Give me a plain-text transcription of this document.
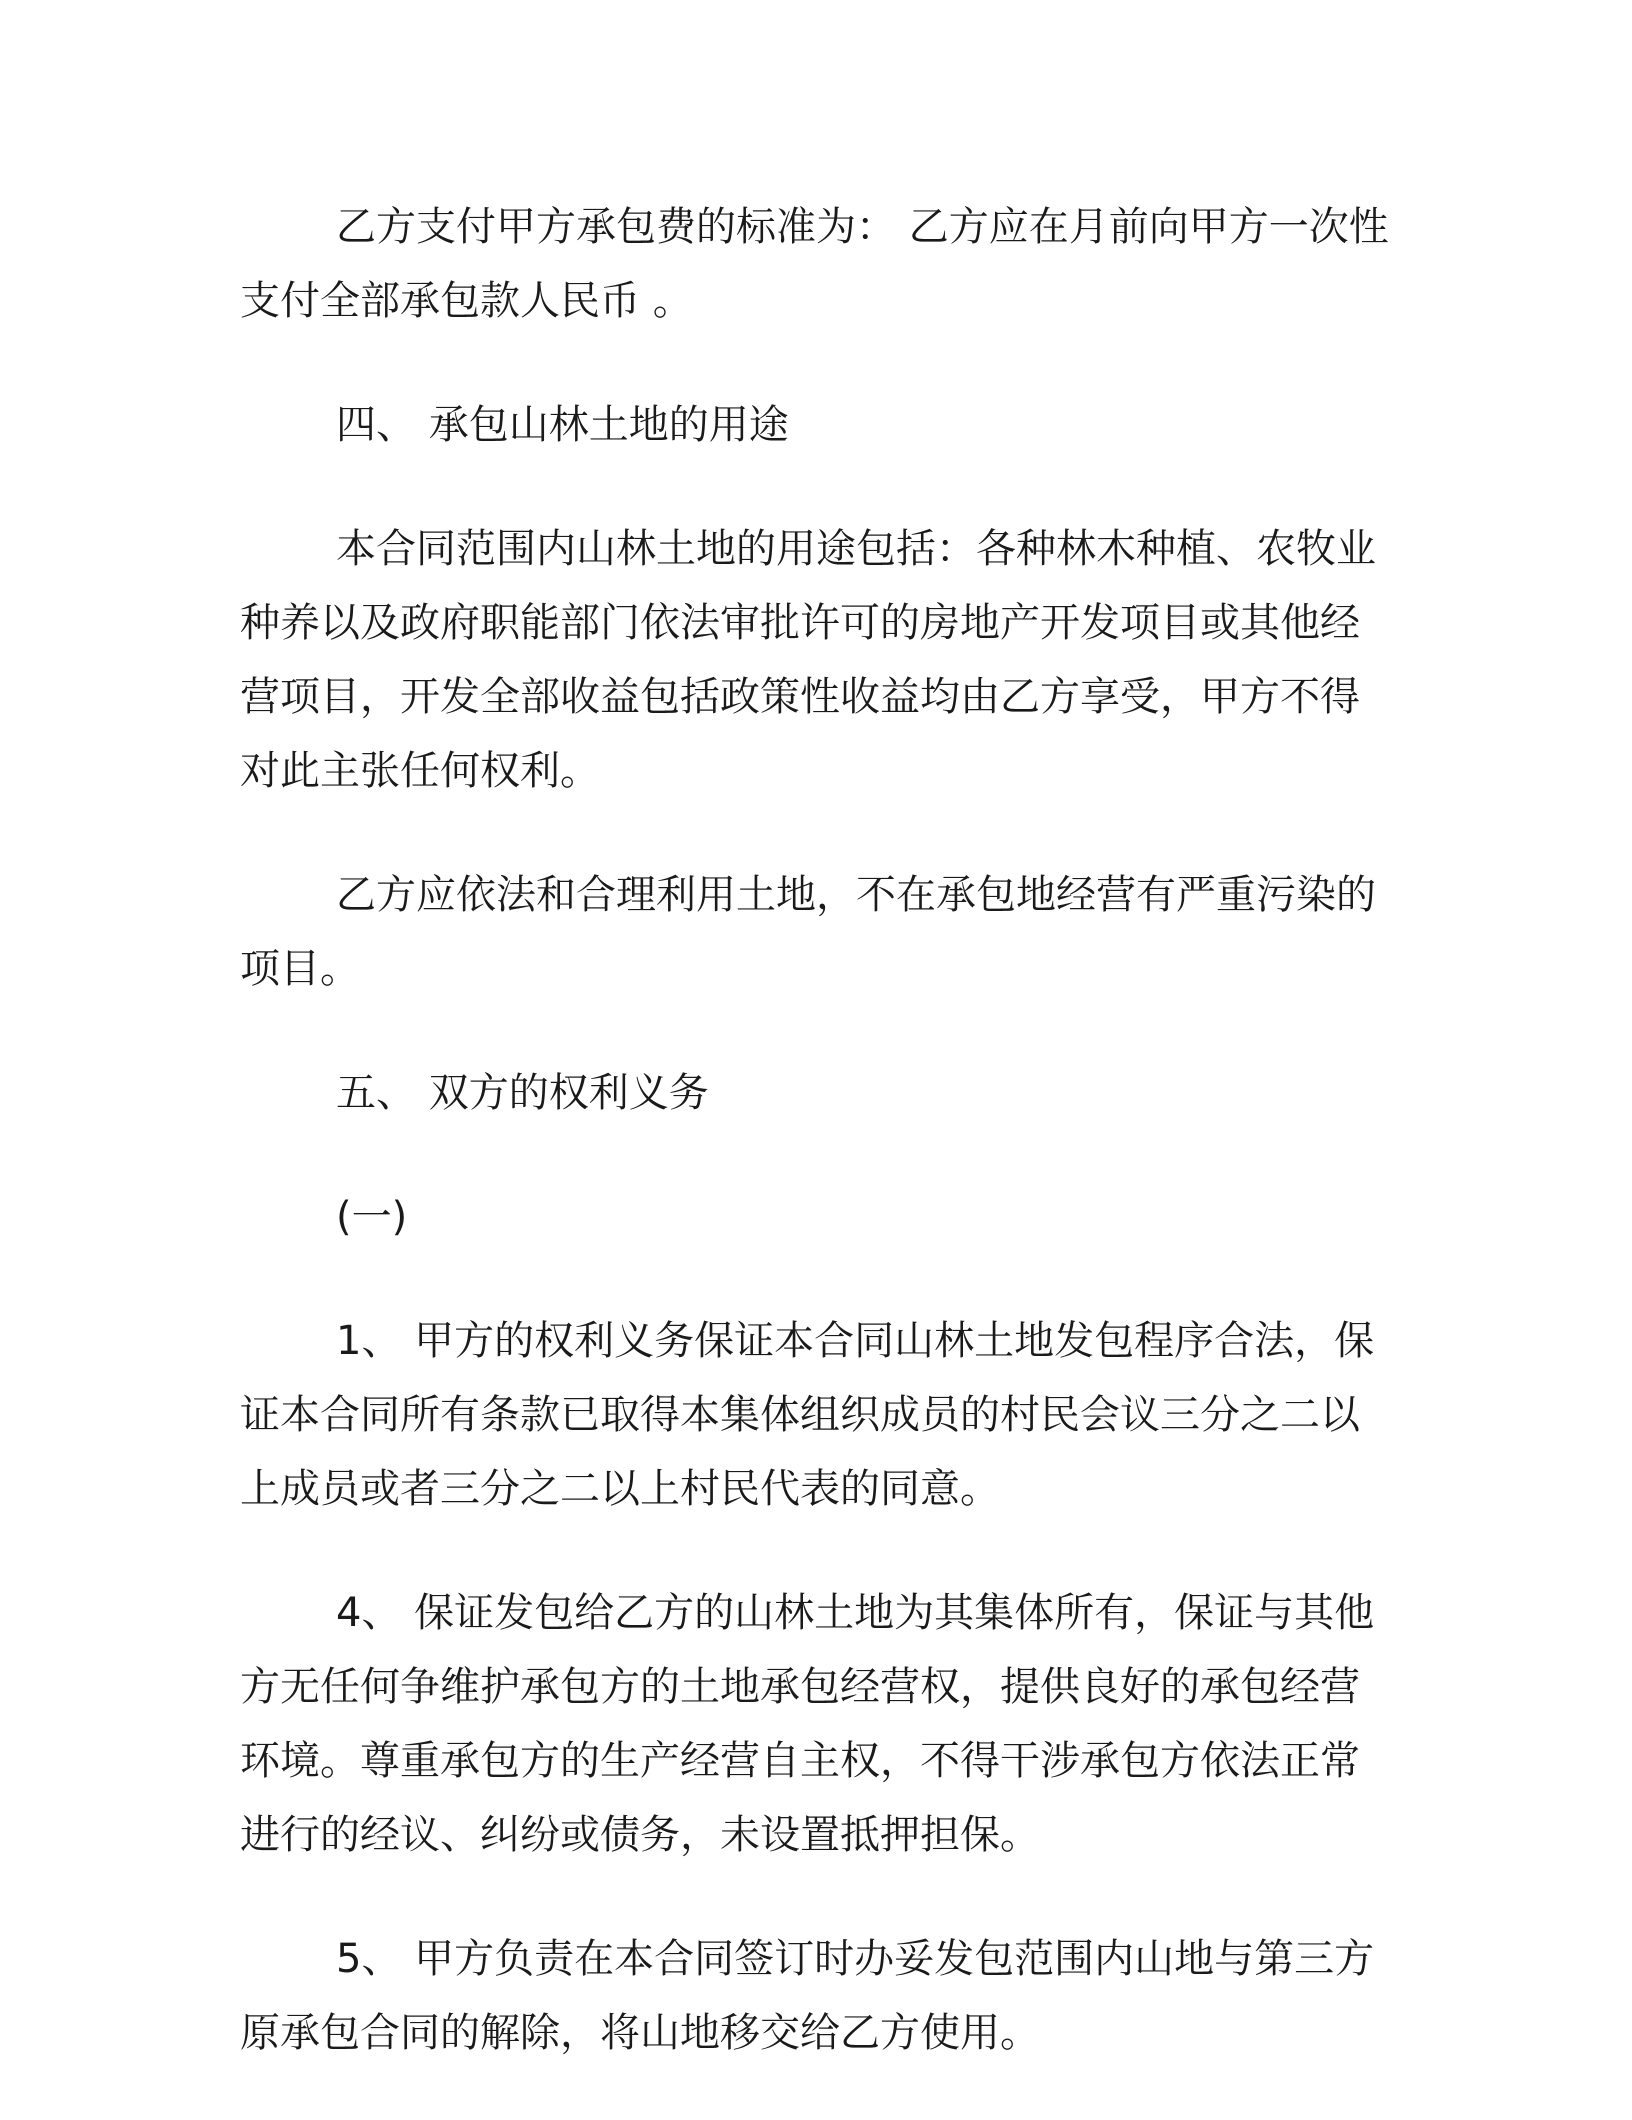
乙方支付甲方承包费的标准为： 乙方应在月前向甲方一次性支付全部承包款人民币 。

四、 承包山林土地的用途

本合同范围内山林土地的用途包括：各种林木种植、农牧业种养以及政府职能部门依法审批许可的房地产开发项目或其他经营项目，开发全部收益包括政策性收益均由乙方享受，甲方不得对此主张任何权利。

乙方应依法和合理利用土地，不在承包地经营有严重污染的项目。

五、 双方的权利义务

(一)

1、 甲方的权利义务保证本合同山林土地发包程序合法，保证本合同所有条款已取得本集体组织成员的村民会议三分之二以上成员或者三分之二以上村民代表的同意。

4、 保证发包给乙方的山林土地为其集体所有，保证与其他方无任何争维护承包方的土地承包经营权，提供良好的承包经营环境。尊重承包方的生产经营自主权，不得干涉承包方依法正常进行的经议、纠纷或债务，未设置抵押担保。

5、 甲方负责在本合同签订时办妥发包范围内山地与第三方原承包合同的解除，将山地移交给乙方使用。
